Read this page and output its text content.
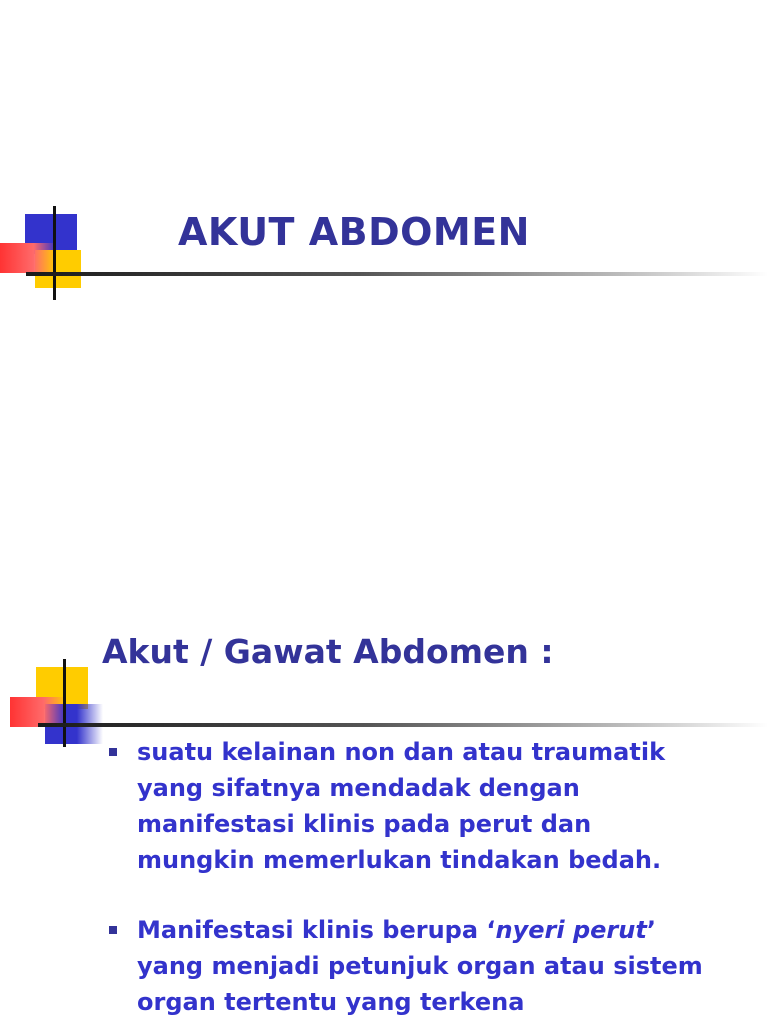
AKUT ABDOMEN
Akut / Gawat Abdomen :
suatu kelainan non dan atau traumatik yang sifatnya mendadak dengan manifestasi klinis pada perut dan mungkin memerlukan tindakan bedah.
Manifestasi klinis berupa ‘nyeri perut’ yang menjadi petunjuk organ atau sistem organ tertentu yang terkena
